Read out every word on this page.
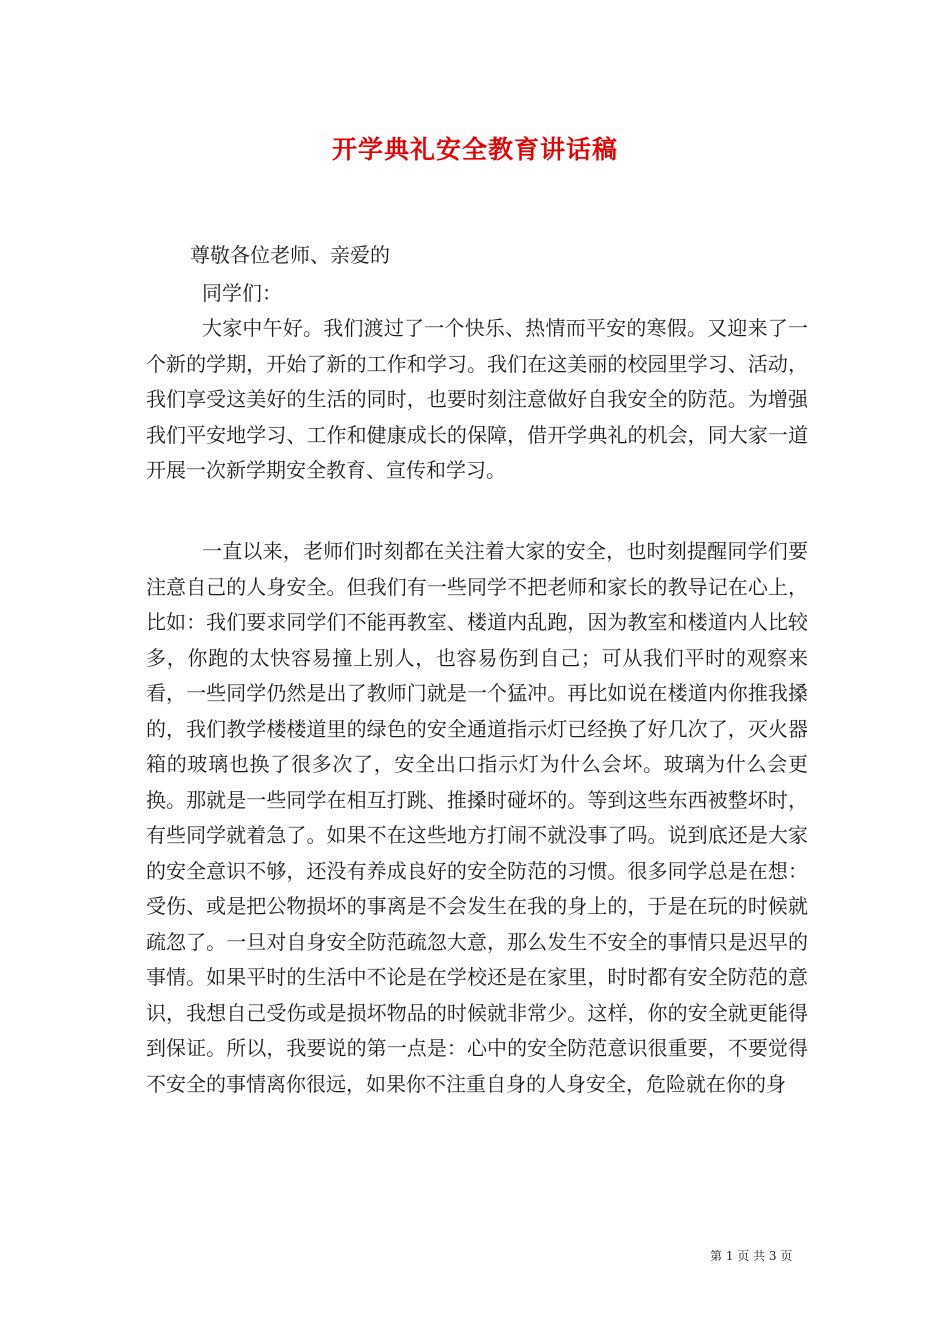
开学典礼安全教育讲话稿
尊敬各位老师、亲爱的
同学们：

大家中午好。我们渡过了一个快乐、热情而平安的寒假。又迎来了一个新的学期，开始了新的工作和学习。我们在这美丽的校园里学习、活动，我们享受这美好的生活的同时，也要时刻注意做好自我安全的防范。为增强我们平安地学习、工作和健康成长的保障，借开学典礼的机会，同大家一道开展一次新学期安全教育、宣传和学习。

一直以来，老师们时刻都在关注着大家的安全，也时刻提醒同学们要注意自己的人身安全。但我们有一些同学不把老师和家长的教导记在心上，比如：我们要求同学们不能再教室、楼道内乱跑，因为教室和楼道内人比较多，你跑的太快容易撞上别人，也容易伤到自己；可从我们平时的观察来看，一些同学仍然是出了教师门就是一个猛冲。再比如说在楼道内你推我搡的，我们教学楼楼道里的绿色的安全通道指示灯已经换了好几次了，灭火器箱的玻璃也换了很多次了，安全出口指示灯为什么会坏。玻璃为什么会更换。那就是一些同学在相互打跳、推搡时碰坏的。等到这些东西被整坏时，有些同学就着急了。如果不在这些地方打闹不就没事了吗。说到底还是大家的安全意识不够，还没有养成良好的安全防范的习惯。很多同学总是在想：受伤、或是把公物损坏的事离是不会发生在我的身上的，于是在玩的时候就疏忽了。一旦对自身安全防范疏忽大意，那么发生不安全的事情只是迟早的事情。如果平时的生活中不论是在学校还是在家里，时时都有安全防范的意识，我想自己受伤或是损坏物品的时候就非常少。这样，你的安全就更能得到保证。所以，我要说的第一点是：心中的安全防范意识很重要，不要觉得不安全的事情离你很远，如果你不注重自身的人身安全，危险就在你的身

第 1 页 共 3 页
